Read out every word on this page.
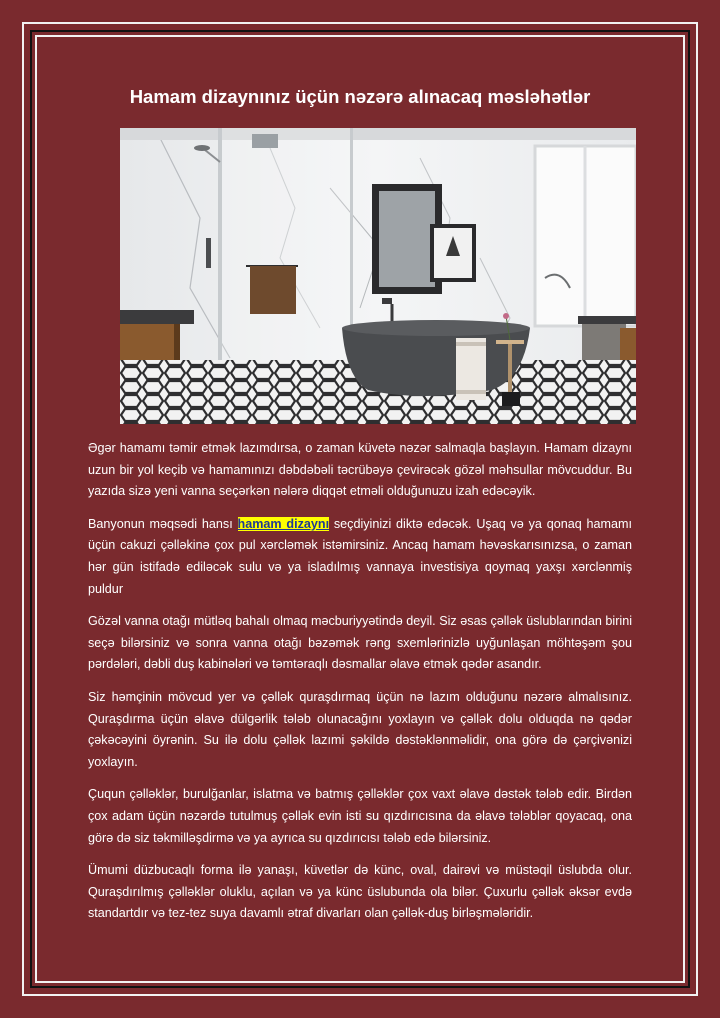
Hamam dizaynınız üçün nəzərə alınacaq məsləhətlər

Əgər hamamı təmir etmək lazımdırsa, o zaman küvetə nəzər salmaqla başlayın. Hamam dizaynı uzun bir yol keçib və hamamınızı dəbdəbəli təcrübəyə çevirəcək gözəl məhsullar mövcuddur. Bu yazıda sizə yeni vanna seçərkən nələrə diqqət etməli olduğunuzu izah edəcəyik.

Banyonun məqsədi hansı hamam dizaynı seçdiyinizi diktə edəcək. Uşaq və ya qonaq hamamı üçün cakuzi çəlləkinə çox pul xərcləmək istəmirsiniz. Ancaq hamam həvəskarısınızsa, o zaman hər gün istifadə ediləcək sulu və ya isladılmış vannaya investisiya qoymaq yaxşı xərclənmiş puldur

Gözəl vanna otağı mütləq bahalı olmaq məcburiyyətində deyil. Siz əsas çəllək üslublarından birini seçə bilərsiniz və sonra vanna otağı bəzəmək rəng sxemlərinizlə uyğunlaşan möhtəşəm şou pərdələri, dəbli duş kabinələri və təmtəraqlı dəsmallar əlavə etmək qədər asandır.

Siz həmçinin mövcud yer və çəllək quraşdırmaq üçün nə lazım olduğunu nəzərə almalısınız. Quraşdırma üçün əlavə dülgərlik tələb olunacağını yoxlayın və çəllək dolu olduqda nə qədər çəkəcəyini öyrənin. Su ilə dolu çəllək lazımi şəkildə dəstəklənməlidir, ona görə də çərçivənizi yoxlayın.

Çuqun çəlləklər, burulğanlar, islatma və batmış çəlləklər çox vaxt əlavə dəstək tələb edir. Birdən çox adam üçün nəzərdə tutulmuş çəllək evin isti su qızdırıcısına da əlavə tələblər qoyacaq, ona görə də siz təkmilləşdirmə və ya ayrıca su qızdırıcısı tələb edə bilərsiniz.

Ümumi düzbucaqlı forma ilə yanaşı, küvetlər də künc, oval, dairəvi və müstəqil üslubda olur. Quraşdırılmış çəlləklər oluklu, açılan və ya künc üslubunda ola bilər. Çuxurlu çəllək əksər evdə standartdır və tez-tez suya davamlı ətraf divarları olan çəllək-duş birləşmələridir.
